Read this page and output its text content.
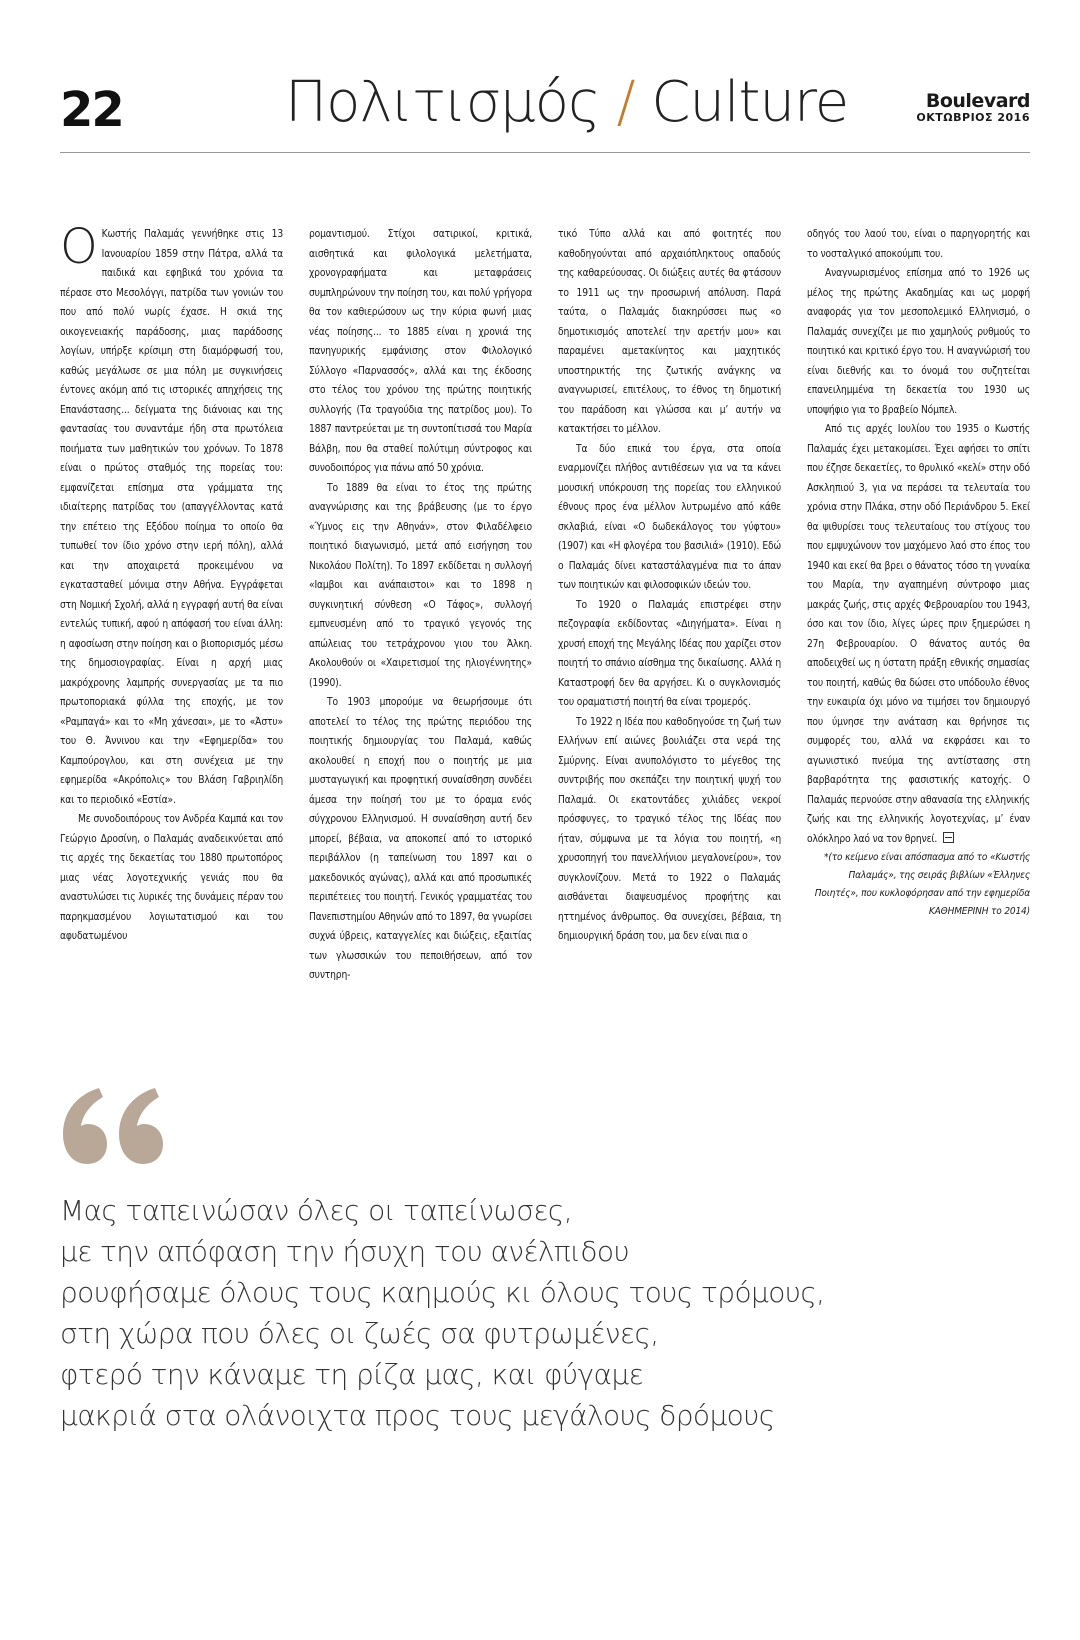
22	Πολιτισμός / Culture	Boulevard
ΟΚΤΩΒΡΙΟΣ 2016

Ο Κωστής Παλαμάς γεννήθηκε στις 13 Ιανουαρίου 1859 στην Πάτρα, αλλά τα παιδικά και εφηβικά του χρόνια τα πέρασε στο Μεσολόγγι, πατρίδα των γονιών του που από πολύ νωρίς έχασε. Η σκιά της οικογενειακής παράδοσης, μιας παράδοσης λογίων, υπήρξε κρίσιμη στη διαμόρφωσή του, καθώς μεγάλωσε σε μια πόλη με συγκινήσεις έντονες ακόμη από τις ιστορικές απηχήσεις της Επανάστασης... δείγματα της διάνοιας και της φαντασίας του συναντάμε ήδη στα πρωτόλεια ποιήματα των μαθητικών του χρόνων. Το 1878 είναι ο πρώτος σταθμός της πορείας του: εμφανίζεται επίσημα στα γράμματα της ιδιαίτερης πατρίδας του (απαγγέλλοντας κατά την επέτειο της Εξόδου ποίημα το οποίο θα τυπωθεί τον ίδιο χρόνο στην ιερή πόλη), αλλά και την αποχαιρετά προκειμένου να εγκατασταθεί μόνιμα στην Αθήνα. Εγγράφεται στη Νομική Σχολή, αλλά η εγγραφή αυτή θα είναι εντελώς τυπική, αφού η απόφασή του είναι άλλη: η αφοσίωση στην ποίηση και ο βιοπορισμός μέσω της δημοσιογραφίας. Είναι η αρχή μιας μακρόχρονης λαμπρής συνεργασίας με τα πιο πρωτοποριακά φύλλα της εποχής, με τον «Ραμπαγά» και το «Μη χάνεσαι», με το «Άστυ» του Θ. Άννινου και την «Εφημερίδα» του Καμπούρογλου, και στη συνέχεια με την εφημερίδα «Ακρόπολις» του Βλάση Γαβριηλίδη και το περιοδικό «Εστία».

Με συνοδοιπόρους τον Ανδρέα Καμπά και τον Γεώργιο Δροσίνη, ο Παλαμάς αναδεικνύεται από τις αρχές της δεκαετίας του 1880 πρωτοπόρος μιας νέας λογοτεχνικής γενιάς που θα αναστυλώσει τις λυρικές της δυνάμεις πέραν του παρηκμασμένου λογιωτατισμού και του αφυδατωμένου

ρομαντισμού. Στίχοι σατιρικοί, κριτικά, αισθητικά και φιλολογικά μελετήματα, χρονογραφήματα και μεταφράσεις συμπληρώνουν την ποίηση του, και πολύ γρήγορα θα τον καθιερώσουν ως την κύρια φωνή μιας νέας ποίησης... το 1885 είναι η χρονιά της πανηγυρικής εμφάνισης στον Φιλολογικό Σύλλογο «Παρνασσός», αλλά και της έκδοσης στο τέλος του χρόνου της πρώτης ποιητικής συλλογής (Τα τραγούδια της πατρίδος μου). Το 1887 παντρεύεται με τη συντοπίτισσά του Μαρία Βάλβη, που θα σταθεί πολύτιμη σύντροφος και συνοδοιπόρος για πάνω από 50 χρόνια.

Το 1889 θα είναι το έτος της πρώτης αναγνώρισης και της βράβευσης (με το έργο «Ύμνος εις την Αθηνάν», στον Φιλαδέλφειο ποιητικό διαγωνισμό, μετά από εισήγηση του Νικολάου Πολίτη). Το 1897 εκδίδεται η συλλογή «Ιαμβοι και ανάπαιστοι» και το 1898 η συγκινητική σύνθεση «Ο Τάφος», συλλογή εμπνευσμένη από το τραγικό γεγονός της απώλειας του τετράχρονου γιου του Άλκη. Ακολουθούν οι «Χαιρετισμοί της ηλιογέννητης» (1990).

Το 1903 μπορούμε να θεωρήσουμε ότι αποτελεί το τέλος της πρώτης περιόδου της ποιητικής δημιουργίας του Παλαμά, καθώς ακολουθεί η εποχή που ο ποιητής με μια μυσταγωγική και προφητική συναίσθηση συνδέει άμεσα την ποίησή του με το όραμα ενός σύγχρονου Ελληνισμού. Η συναίσθηση αυτή δεν μπορεί, βέβαια, να αποκοπεί από το ιστορικό περιβάλλον (η ταπείνωση του 1897 και ο μακεδονικός αγώνας), αλλά και από προσωπικές περιπέτειες του ποιητή. Γενικός γραμματέας του Πανεπιστημίου Αθηνών από το 1897, θα γνωρίσει συχνά ύβρεις, καταγγελίες και διώξεις, εξαιτίας των γλωσσικών του πεποιθήσεων, από τον συντηρη-

τικό Τύπο αλλά και από φοιτητές που καθοδηγούνται από αρχαιόπληκτους οπαδούς της καθαρεύουσας. Οι διώξεις αυτές θα φτάσουν το 1911 ως την προσωρινή απόλυση. Παρά ταύτα, ο Παλαμάς διακηρύσσει πως «ο δημοτικισμός αποτελεί την αρετήν μου» και παραμένει αμετακίνητος και μαχητικός υποστηρικτής της ζωτικής ανάγκης να αναγνωρισεί, επιτέλους, το έθνος τη δημοτική του παράδοση και γλώσσα και μ’ αυτήν να κατακτήσει το μέλλον.

Τα δύο επικά του έργα, στα οποία εναρμονίζει πλήθος αντιθέσεων για να τα κάνει μουσική υπόκρουση της πορείας του ελληνικού έθνους προς ένα μέλλον λυτρωμένο από κάθε σκλαβιά, είναι «Ο δωδεκάλογος του γύφτου» (1907) και «Η φλογέρα του βασιλιά» (1910). Εδώ ο Παλαμάς δίνει καταστάλαγμένα πια το άπαν των ποιητικών και φιλοσοφικών ιδεών του.

Το 1920 ο Παλαμάς επιστρέφει στην πεζογραφία εκδίδοντας «Διηγήματα». Είναι η χρυσή εποχή της Μεγάλης Ιδέας που χαρίζει στον ποιητή το σπάνιο αίσθημα της δικαίωσης. Αλλά η Καταστροφή δεν θα αργήσει. Κι ο συγκλονισμός του οραματιστή ποιητή θα είναι τρομερός.

Το 1922 η Ιδέα που καθοδηγούσε τη ζωή των Ελλήνων επί αιώνες βουλιάζει στα νερά της Σμύρνης. Είναι ανυπολόγιστο το μέγεθος της συντριβής που σκεπάζει την ποιητική ψυχή του Παλαμά. Οι εκατοντάδες χιλιάδες νεκροί πρόσφυγες, το τραγικό τέλος της Ιδέας που ήταν, σύμφωνα με τα λόγια του ποιητή, «η χρυσοπηγή του πανελλήνιου μεγαλονείρου», τον συγκλονίζουν. Μετά το 1922 ο Παλαμάς αισθάνεται διαψευσμένος προφήτης και ηττημένος άνθρωπος. Θα συνεχίσει, βέβαια, τη δημιουργική δράση του, μα δεν είναι πια ο

οδηγός του λαού του, είναι ο παρηγορητής και το νοσταλγικό αποκούμπι του.

Αναγνωρισμένος επίσημα από το 1926 ως μέλος της πρώτης Ακαδημίας και ως μορφή αναφοράς για τον μεσοπολεμικό Ελληνισμό, ο Παλαμάς συνεχίζει με πιο χαμηλούς ρυθμούς το ποιητικό και κριτικό έργο του. Η αναγνώρισή του είναι διεθνής και το όνομά του συζητείται επανειλημμένα τη δεκαετία του 1930 ως υποψήφιο για το βραβείο Νόμπελ.

Από τις αρχές Ιουλίου του 1935 ο Κωστής Παλαμάς έχει μετακομίσει. Έχει αφήσει το σπίτι που έζησε δεκαετίες, το θρυλικό «κελί» στην οδό Ασκληπιού 3, για να περάσει τα τελευταία του χρόνια στην Πλάκα, στην οδό Περιάνδρου 5. Εκεί θα ψιθυρίσει τους τελευταίους του στίχους του που εμψυχώνουν τον μαχόμενο λαό στο έπος του 1940 και εκεί θα βρει ο θάνατος τόσο τη γυναίκα του Μαρία, την αγαπημένη σύντροφο μιας μακράς ζωής, στις αρχές Φεβρουαρίου του 1943, όσο και τον ίδιο, λίγες ώρες πριν ξημερώσει η 27η Φεβρουαρίου. Ο θάνατος αυτός θα αποδειχθεί ως η ύστατη πράξη εθνικής σημασίας του ποιητή, καθώς θα δώσει στο υπόδουλο έθνος την ευκαιρία όχι μόνο να τιμήσει τον δημιουργό που ύμνησε την ανάταση και θρήνησε τις συμφορές του, αλλά να εκφράσει και το αγωνιστικό πνεύμα της αντίστασης στη βαρβαρότητα της φασιστικής κατοχής. Ο Παλαμάς περνούσε στην αθανασία της ελληνικής ζωής και της ελληνικής λογοτεχνίας, μ’ έναν ολόκληρο λαό να τον θρηνεί.

*(το κείμενο είναι απόσπασμα από το «Κωστής Παλαμάς», της σειράς βιβλίων «Έλληνες Ποιητές», που κυκλοφόρησαν από την εφημερίδα ΚΑΘΗΜΕΡΙΝΗ το 2014)

Μας ταπεινώσαν όλες οι ταπείνωσες,
με την απόφαση την ήσυχη του ανέλπιδου
ρουφήσαμε όλους τους καημούς κι όλους τους τρόμους,
στη χώρα που όλες οι ζωές σα φυτρωμένες,
φτερό την κάναμε τη ρίζα μας, και φύγαμε
μακριά στα ολάνοιχτα προς τους μεγάλους δρόμους
